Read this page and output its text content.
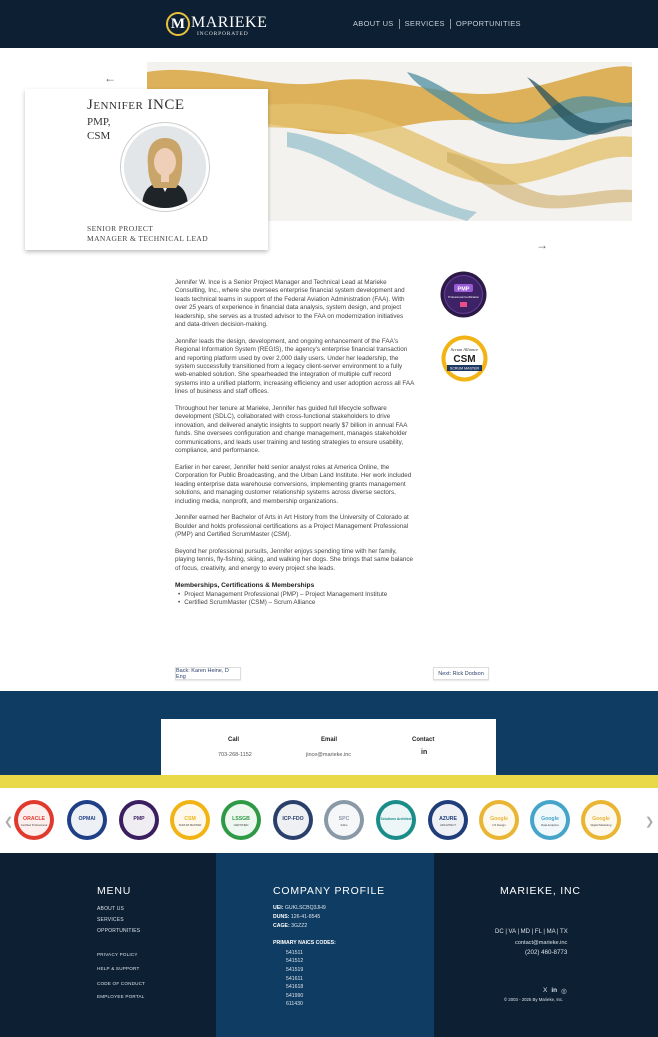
M MARIEKE
INCORPORATED
ABOUT US	SERVICES	OPPORTUNITIES
←
→
Jennifer INCE
PMP,
CSM
SENIOR PROJECT
MANAGER & TECHNICAL LEAD

Jennifer W. Ince is a Senior Project Manager and Technical Lead at Marieke Consulting, Inc., where she oversees enterprise financial system development and leads technical teams in support of the Federal Aviation Administration (FAA). With over 25 years of experience in financial data analysis, system design, and project leadership, she serves as a trusted advisor to the FAA on modernization initiatives and data-driven decision-making.

Jennifer leads the design, development, and ongoing enhancement of the FAA's Regional Information System (REGIS), the agency's enterprise financial transaction and reporting platform used by over 2,000 daily users. Under her leadership, the system successfully transitioned from a legacy client-server environment to a fully web-enabled solution. She spearheaded the integration of multiple cuff record systems into a unified platform, increasing efficiency and user adoption across all FAA lines of business and staff offices.

Throughout her tenure at Marieke, Jennifer has guided full lifecycle software development (SDLC), collaborated with cross-functional stakeholders to drive innovation, and delivered analytic insights to support nearly $7 billion in annual FAA funds. She oversees configuration and change management, manages stakeholder communications, and leads user training and testing strategies to ensure usability, compliance, and performance.

Earlier in her career, Jennifer held senior analyst roles at America Online, the Corporation for Public Broadcasting, and the Urban Land Institute. Her work included leading enterprise data warehouse conversions, implementing grants management solutions, and managing customer relationship systems across diverse sectors, including media, nonprofit, and membership organizations.

Jennifer earned her Bachelor of Arts in Art History from the University of Colorado at Boulder and holds professional certifications as a Project Management Professional (PMP) and Certified ScrumMaster (CSM).

Beyond her professional pursuits, Jennifer enjoys spending time with her family, playing tennis, fly-fishing, skiing, and walking her dogs. She brings that same balance of focus, creativity, and energy to every project she leads.

Memberships, Certifications & Memberships
• Project Management Professional (PMP) – Project Management Institute
• Certified ScrumMaster (CSM) – Scrum Alliance
PMP
Professional Certification
Scrum Alliance
CSM
SCRUM MASTER
Back: Karen Heine, D Eng	Next: Rick Dodson
Call
703-268-1152
Email
jince@marieke.inc
Contact
in
❮	❯
ORACLE
Certified Professional
OPMAI	PMP	CSM
SCRUM MASTER
LSSGB
CERTIFIED
ICP-FDO	SPC
SAFe
Solutions Architect	AZURE
ARCHITECT
Google
UX Design
Google
Data Analytics
Google
Digital Marketing
MENU
ABOUT US
SERVICES
OPPORTUNITIES
PRIVACY POLICY
HELP & SUPPORT
CODE OF CONDUCT
EMPLOYEE PORTAL
COMPANY PROFILE
UEI: GUKLSCBQ3JH9
DUNS: 126-41-8545
CAGE: 3GZZ2
PRIMARY NAICS CODES:
541511
541512
541519
541611
541618
541990
611430
MARIEKE, INC
DC | VA | MD | FL | MA | TX
contact@marieke.inc
(202) 460-8773
X in ◎
© 2003 - 2025 By Marieke, Inc.
